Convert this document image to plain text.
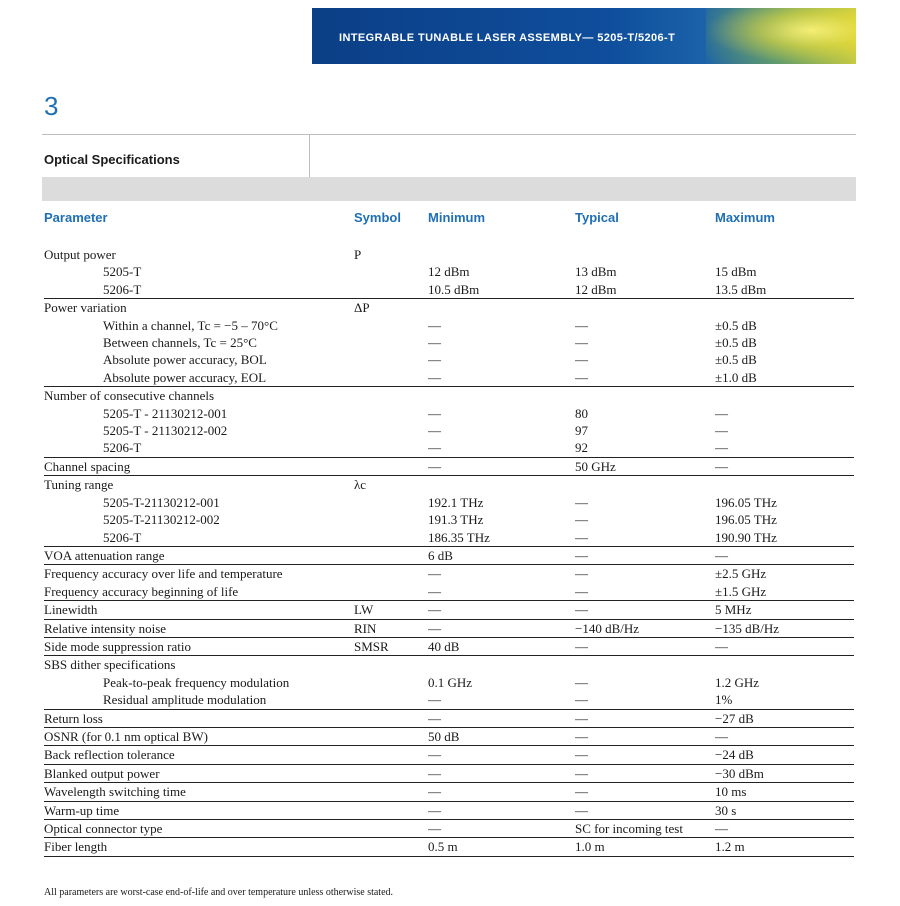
INTEGRABLE TUNABLE LASER ASSEMBLY— 5205-T/5206-T
3
Optical Specifications
Parameter	Symbol Minimum	Typical	Maximum
Output power	P			
5205-T		12 dBm	13 dBm	15 dBm
5206-T		10.5 dBm	12 dBm	13.5 dBm
Power variation	ΔP			
Within a channel, Tc = −5 – 70°C		—	—	±0.5 dB
Between channels, Tc = 25°C		—	—	±0.5 dB
Absolute power accuracy, BOL		—	—	±0.5 dB
Absolute power accuracy, EOL		—	—	±1.0 dB
Number of consecutive channels				
5205-T - 21130212-001		—	80	—
5205-T - 21130212-002		—	97	—
5206-T		—	92	—
Channel spacing		—	50 GHz	—
Tuning range	λc			
5205-T-21130212-001		192.1 THz	—	196.05 THz
5205-T-21130212-002		191.3 THz	—	196.05 THz
5206-T		186.35 THz	—	190.90 THz
VOA attenuation range		6 dB	—	—
Frequency accuracy over life and temperature		—	—	±2.5 GHz
Frequency accuracy beginning of life		—	—	±1.5 GHz
Linewidth	LW	—	—	5 MHz
Relative intensity noise	RIN	—	−140 dB/Hz	−135 dB/Hz
Side mode suppression ratio	SMSR	40 dB	—	—
SBS dither specifications				
Peak-to-peak frequency modulation		0.1 GHz	—	1.2 GHz
Residual amplitude modulation		—	—	1%
Return loss		—	—	−27 dB
OSNR (for 0.1 nm optical BW)		50 dB	—	—
Back reflection tolerance		—	—	−24 dB
Blanked output power		—	—	−30 dBm
Wavelength switching time		—	—	10 ms
Warm-up time		—	—	30 s
Optical connector type		—	SC for incoming test	—
Fiber length		0.5 m	1.0 m	1.2 m
All parameters are worst-case end-of-life and over temperature unless otherwise stated.
